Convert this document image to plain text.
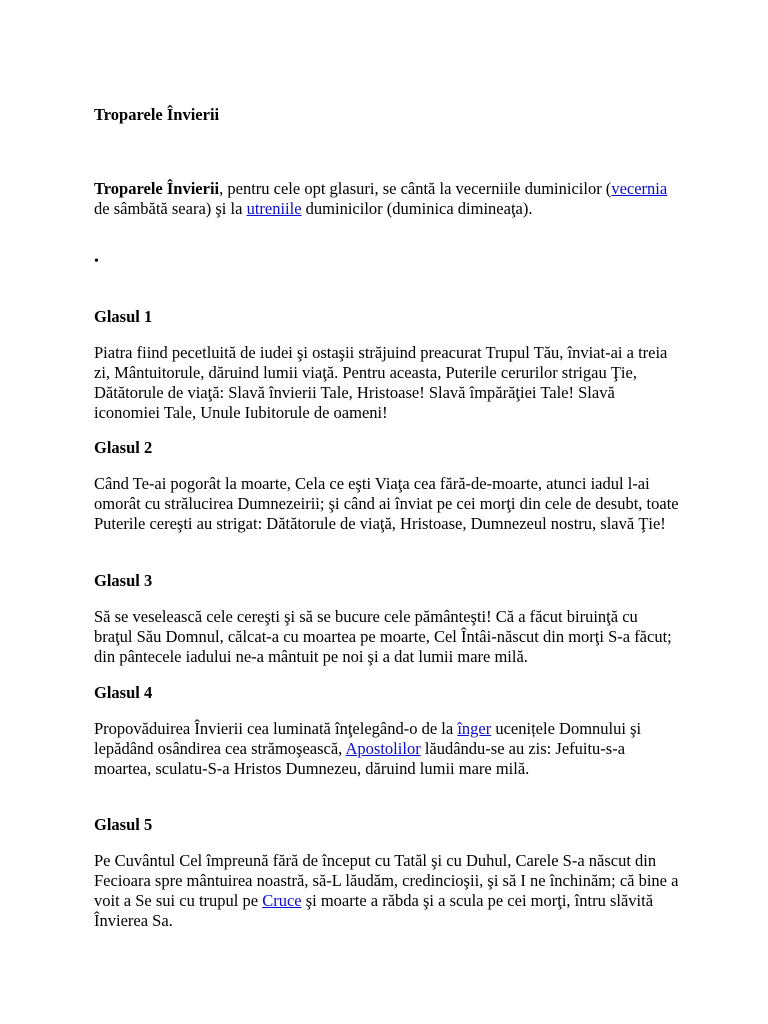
Troparele Învierii

Troparele Învierii, pentru cele opt glasuri, se cântă la vecerniile duminicilor (vecernia de sâmbătă seara) şi la utreniile duminicilor (duminica dimineaţa).

•
Glasul 1

Piatra fiind pecetluită de iudei şi ostaşii străjuind preacurat Trupul Tău, înviat-ai a treia zi, Mântuitorule, dăruind lumii viaţă. Pentru aceasta, Puterile cerurilor strigau Ţie, Dătătorule de viaţă: Slavă învierii Tale, Hristoase! Slavă împărăţiei Tale! Slavă iconomiei Tale, Unule Iubitorule de oameni!

Glasul 2

Când Te-ai pogorât la moarte, Cela ce eşti Viaţa cea fără-de-moarte, atunci iadul l-ai omorât cu strălucirea Dumnezeirii; şi când ai înviat pe cei morţi din cele de desubt, toate Puterile cereşti au strigat: Dătătorule de viaţă, Hristoase, Dumnezeul nostru, slavă Ţie!

Glasul 3

Să se veselească cele cereşti şi să se bucure cele pământeşti! Că a făcut biruinţă cu braţul Său Domnul, călcat-a cu moartea pe moarte, Cel Întâi-născut din morţi S-a făcut; din pântecele iadului ne-a mântuit pe noi şi a dat lumii mare milă.

Glasul 4

Propovăduirea Învierii cea luminată înţelegând-o de la înger ucenițele Domnului şi lepădând osândirea cea strămoşească, Apostolilor lăudându-se au zis: Jefuitu-s-a moartea, sculatu-S-a Hristos Dumnezeu, dăruind lumii mare milă.

Glasul 5

Pe Cuvântul Cel împreună fără de început cu Tatăl şi cu Duhul, Carele S-a născut din Fecioara spre mântuirea noastră, să-L lăudăm, credincioşii, şi să I ne închinăm; că bine a voit a Se sui cu trupul pe Cruce şi moarte a răbda şi a scula pe cei morţi, întru slăvită Învierea Sa.
